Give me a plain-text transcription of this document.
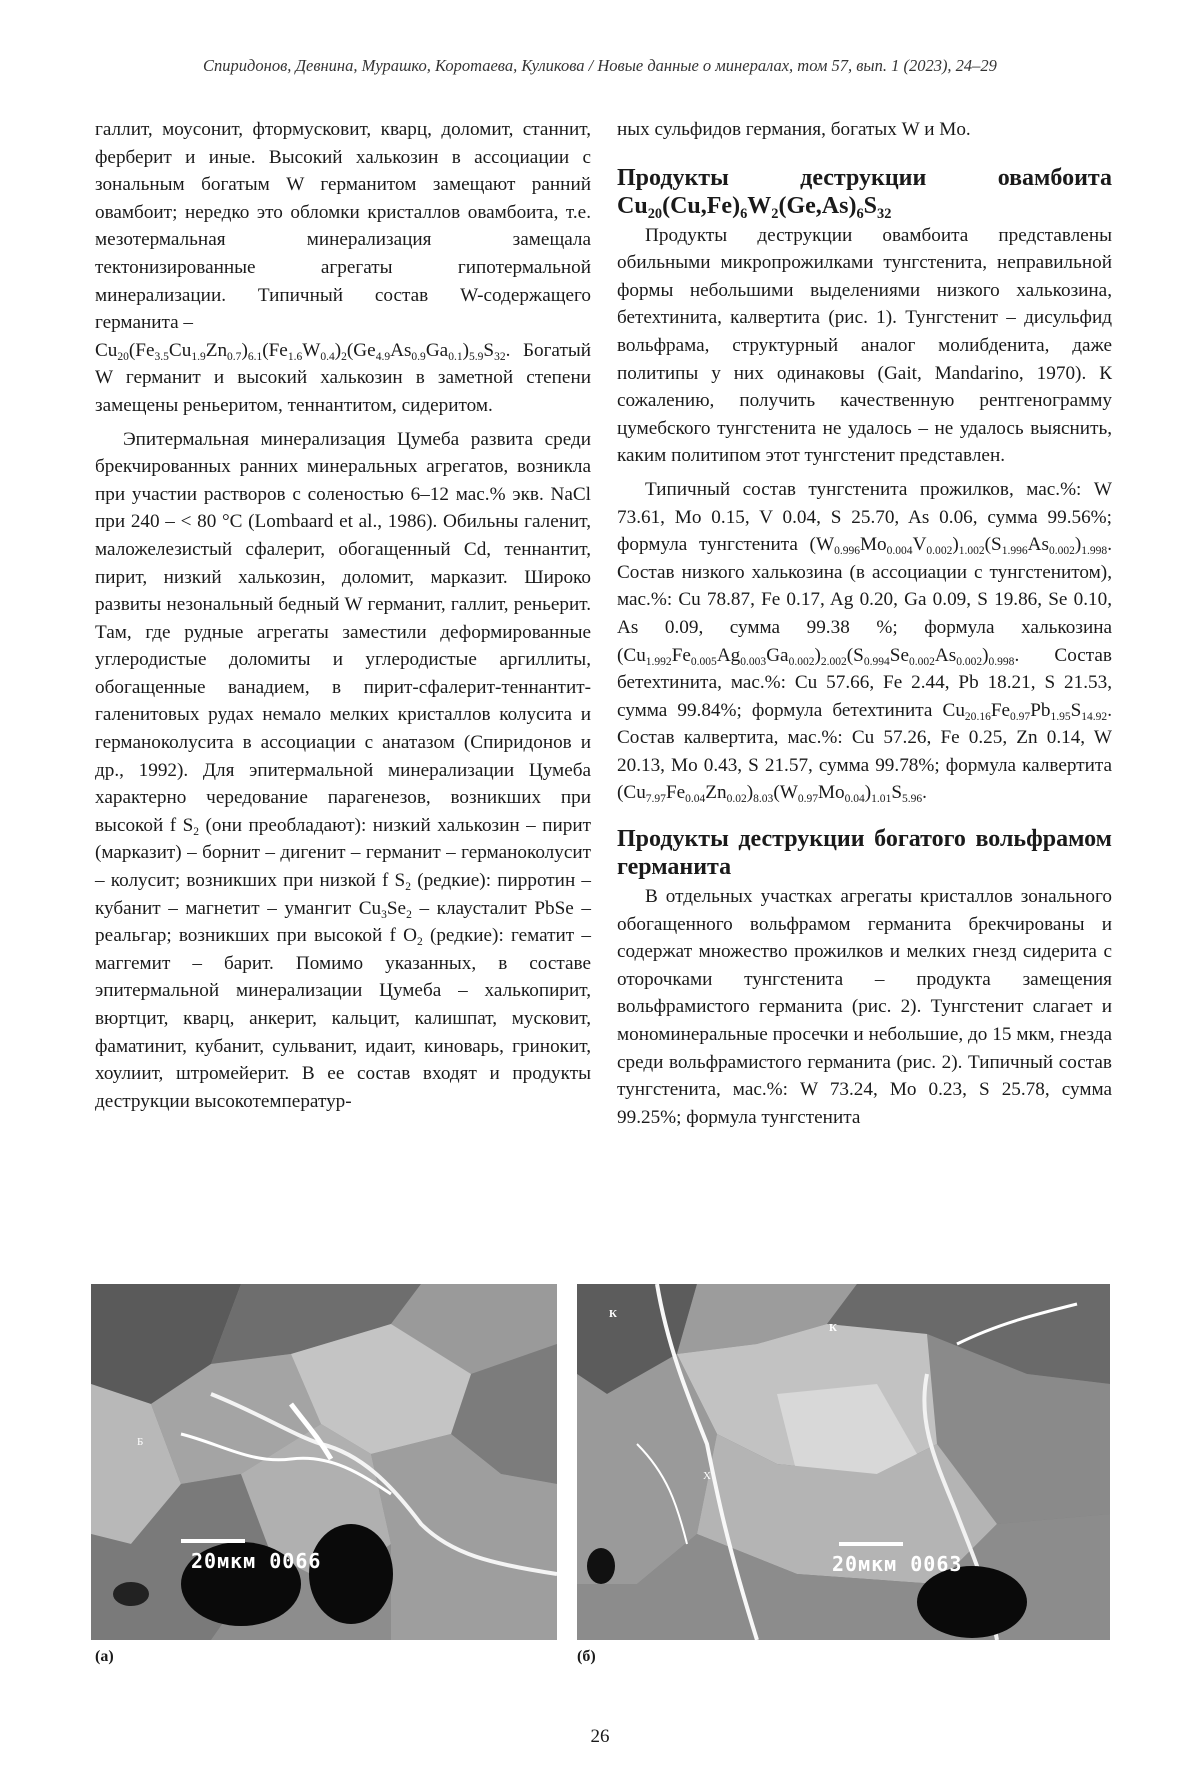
Спиридонов, Девнина, Мурашко, Коротаева, Куликова / Новые данные о минералах, том 57, вып. 1 (2023), 24–29

галлит, моусонит, фтормусковит, кварц, доломит, станнит, ферберит и иные. Высокий халькозин в ассоциации с зональным богатым W германитом замещают ранний овамбоит; нередко это обломки кристаллов овамбоита, т.е. мезотермальная минерализация замещала тектонизированные агрегаты гипотермальной минерализации. Типичный состав W-содержащего германита –

$Cu_{20}(Fe_{3.5}Cu_{1.9}Zn_{0.7})_{6.1}(Fe_{1.6}W_{0.4})_2(Ge_{4.9}As_{0.9}Ga_{0.1})_{5.9}S_{32}$. Богатый W германит и высокий халькозин в заметной степени замещены реньеритом, теннантитом, сидеритом.

Эпитермальная минерализация Цумеба развита среди брекчированных ранних минеральных агрегатов, возникла при участии растворов с соленостью 6–12 мас.% экв. NaCl при 240 – < 80 °C (Lombaard et al., 1986). Обильны галенит, маложелезистый сфалерит, обогащенный Cd, теннантит, пирит, низкий халькозин, доломит, марказит. Широко развиты незональный бедный W германит, галлит, реньерит. Там, где рудные агрегаты заместили деформированные углеродистые доломиты и углеродистые аргиллиты, обогащенные ванадием, в пирит-сфалерит-теннантит-галенитовых рудах немало мелких кристаллов колусита и германоколусита в ассоциации с анатазом (Спиридонов и др., 1992). Для эпитермальной минерализации Цумеба характерно чередование парагенезов, возникших при высокой f $S_2$ (они преобладают): низкий халькозин – пирит (марказит) – борнит – дигенит – германит – германоколусит – колусит; возникших при низкой f $S_2$ (редкие): пирротин – кубанит – магнетит – умангит $Cu_3Se_2$ – клаусталит PbSe – реальгар; возникших при высокой f $O_2$ (редкие): гематит – маггемит – барит. Помимо указанных, в составе эпитермальной минерализации Цумеба – халькопирит, вюртцит, кварц, анкерит, кальцит, калишпат, мусковит, фаматинит, кубанит, сульванит, идаит, киноварь, гринокит, хоулиит, штромейерит. В ее состав входят и продукты деструкции высокотемператур-

ных сульфидов германия, богатых W и Mo.

Продукты деструкции овамбоита $Cu_{20}(Cu,Fe)_6W_2(Ge,As)_6S_{32}$

Продукты деструкции овамбоита представлены обильными микропрожилками тунгстенита, неправильной формы небольшими выделениями низкого халькозина, бетехтинита, калвертита (рис. 1). Тунгстенит – дисульфид вольфрама, структурный аналог молибденита, даже политипы у них одинаковы (Gait, Mandarino, 1970). К сожалению, получить качественную рентгенограмму цумебского тунгстенита не удалось – не удалось выяснить, каким политипом этот тунгстенит представлен.

Типичный состав тунгстенита прожилков, мас.%: W 73.61, Mo 0.15, V 0.04, S 25.70, As 0.06, сумма 99.56%; формула тунгстенита $(W_{0.996}Mo_{0.004}V_{0.002})_{1.002}(S_{1.996}As_{0.002})_{1.998}$. Состав низкого халькозина (в ассоциации с тунгстенитом), мас.%: Cu 78.87, Fe 0.17, Ag 0.20, Ga 0.09, S 19.86, Se 0.10, As 0.09, сумма 99.38 %; формула халькозина $(Cu_{1.992}Fe_{0.005}Ag_{0.003}Ga_{0.002})_{2.002}(S_{0.994}Se_{0.002}As_{0.002})_{0.998}$. Состав бетехтинита, мас.%: Cu 57.66, Fe 2.44, Pb 18.21, S 21.53, сумма 99.84%; формула бетехтинита $Cu_{20.16}Fe_{0.97}Pb_{1.95}S_{14.92}$. Состав калвертита, мас.%: Cu 57.26, Fe 0.25, Zn 0.14, W 20.13, Mo 0.43, S 21.57, сумма 99.78%; формула калвертита $(Cu_{7.97}Fe_{0.04}Zn_{0.02})_{8.03}(W_{0.97}Mo_{0.04})_{1.01}S_{5.96}$.

Продукты деструкции богатого вольфрамом германита

В отдельных участках агрегаты кристаллов зонального обогащенного вольфрамом германита брекчированы и содержат множество прожилков и мелких гнезд сидерита с оторочками тунгстенита – продукта замещения вольфрамистого германита (рис. 2). Тунгстенит слагает и мономинеральные просечки и небольшие, до 15 мкм, гнезда среди вольфрамистого германита (рис. 2). Типичный состав тунгстенита, мас.%: W 73.24, Mo 0.23, S 25.78, сумма 99.25%; формула тунгстенита

20мкм 0066
Б
(а)
20мкм 0063
К
К
Х
(б)
26
